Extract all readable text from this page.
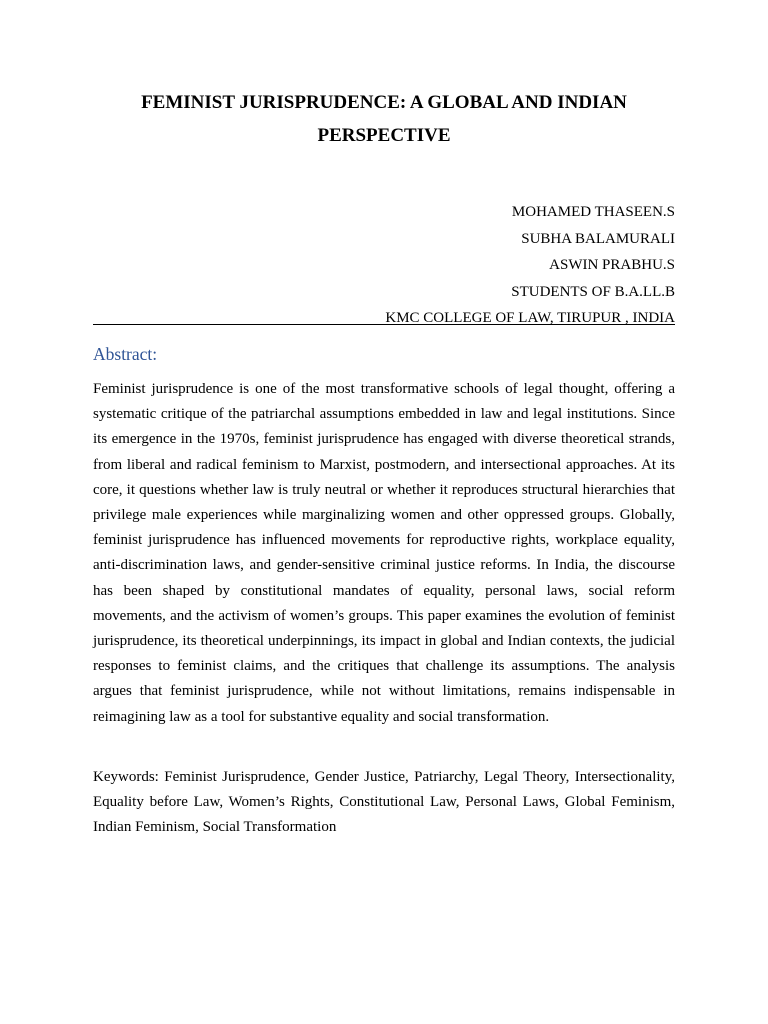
FEMINIST JURISPRUDENCE: A GLOBAL AND INDIAN PERSPECTIVE
MOHAMED THASEEN.S
SUBHA BALAMURALI
ASWIN PRABHU.S
STUDENTS OF B.A.LL.B
KMC COLLEGE OF LAW, TIRUPUR , INDIA
Abstract:

Feminist jurisprudence is one of the most transformative schools of legal thought, offering a systematic critique of the patriarchal assumptions embedded in law and legal institutions. Since its emergence in the 1970s, feminist jurisprudence has engaged with diverse theoretical strands, from liberal and radical feminism to Marxist, postmodern, and intersectional approaches. At its core, it questions whether law is truly neutral or whether it reproduces structural hierarchies that privilege male experiences while marginalizing women and other oppressed groups. Globally, feminist jurisprudence has influenced movements for reproductive rights, workplace equality, anti-discrimination laws, and gender-sensitive criminal justice reforms. In India, the discourse has been shaped by constitutional mandates of equality, personal laws, social reform movements, and the activism of women’s groups. This paper examines the evolution of feminist jurisprudence, its theoretical underpinnings, its impact in global and Indian contexts, the judicial responses to feminist claims, and the critiques that challenge its assumptions. The analysis argues that feminist jurisprudence, while not without limitations, remains indispensable in reimagining law as a tool for substantive equality and social transformation.

Keywords: Feminist Jurisprudence, Gender Justice, Patriarchy, Legal Theory, Intersectionality, Equality before Law, Women’s Rights, Constitutional Law, Personal Laws, Global Feminism, Indian Feminism, Social Transformation
